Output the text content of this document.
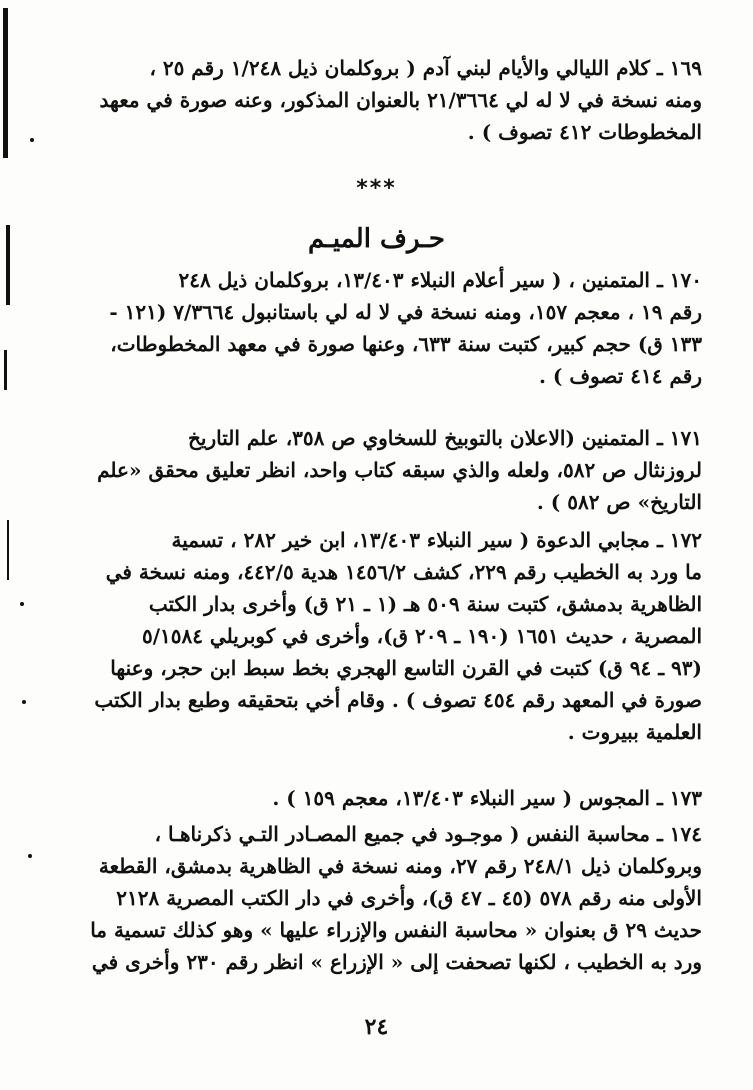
١٦٩ ـ كلام الليالي والأيام لبني آدم ( بروكلمان ذيل ١/٢٤٨ رقم ٢٥ ،
ومنه نسخة في لا له لي ٢١/٣٦٦٤ بالعنوان المذكور، وعنه صورة في معهد
المخطوطات ٤١٢ تصوف ) .
***
حـرف الميـم
١٧٠ ـ المتمنين ، ( سير أعلام النبلاء ١٣/٤٠٣، بروكلمان ذيل ٢٤٨
رقم ١٩ ، معجم ١٥٧، ومنه نسخة في لا له لي باستانبول ٧/٣٦٦٤ (١٢١ -
١٣٣ ق) حجم كبير، كتبت سنة ٦٣٣، وعنها صورة في معهد المخطوطات،
رقم ٤١٤ تصوف ) .
١٧١ ـ المتمنين (الاعلان بالتوبيخ للسخاوي ص ٣٥٨، علم التاريخ
لروزنثال ص ٥٨٢، ولعله والذي سبقه كتاب واحد، انظر تعليق محقق «علم
التاريخ» ص ٥٨٢ ) .
١٧٢ ـ مجابي الدعوة ( سير النبلاء ١٣/٤٠٣، ابن خير ٢٨٢ ، تسمية
ما ورد به الخطيب رقم ٢٢٩، كشف ١٤٥٦/٢ هدية ٤٤٢/٥، ومنه نسخة في
الظاهرية بدمشق، كتبت سنة ٥٠٩ هـ (١ ـ ٢١ ق) وأخرى بدار الكتب
المصرية ، حديث ١٦٥١ (١٩٠ ـ ٢٠٩ ق)، وأخرى في كوبريلي ٥/١٥٨٤
(٩٣ ـ ٩٤ ق) كتبت في القرن التاسع الهجري بخط سبط ابن حجر، وعنها
صورة في المعهد رقم ٤٥٤ تصوف ) . وقام أخي بتحقيقه وطبع بدار الكتب
العلمية ببيروت .
١٧٣ ـ المجوس ( سير النبلاء ١٣/٤٠٣، معجم ١٥٩ ) .
١٧٤ ـ محاسبة النفس ( موجـود في جميع المصـادر التـي ذكرناهـا ،
وبروكلمان ذيل ٢٤٨/١ رقم ٢٧، ومنه نسخة في الظاهرية بدمشق، القطعة
الأولى منه رقم ٥٧٨ (٤٥ ـ ٤٧ ق)، وأخرى في دار الكتب المصرية ٢١٢٨
حديث ٢٩ ق بعنوان « محاسبة النفس والإزراء عليها » وهو كذلك تسمية ما
ورد به الخطيب ، لكنها تصحفت إلى « الإزراع » انظر رقم ٢٣٠ وأخرى في
٢٤
